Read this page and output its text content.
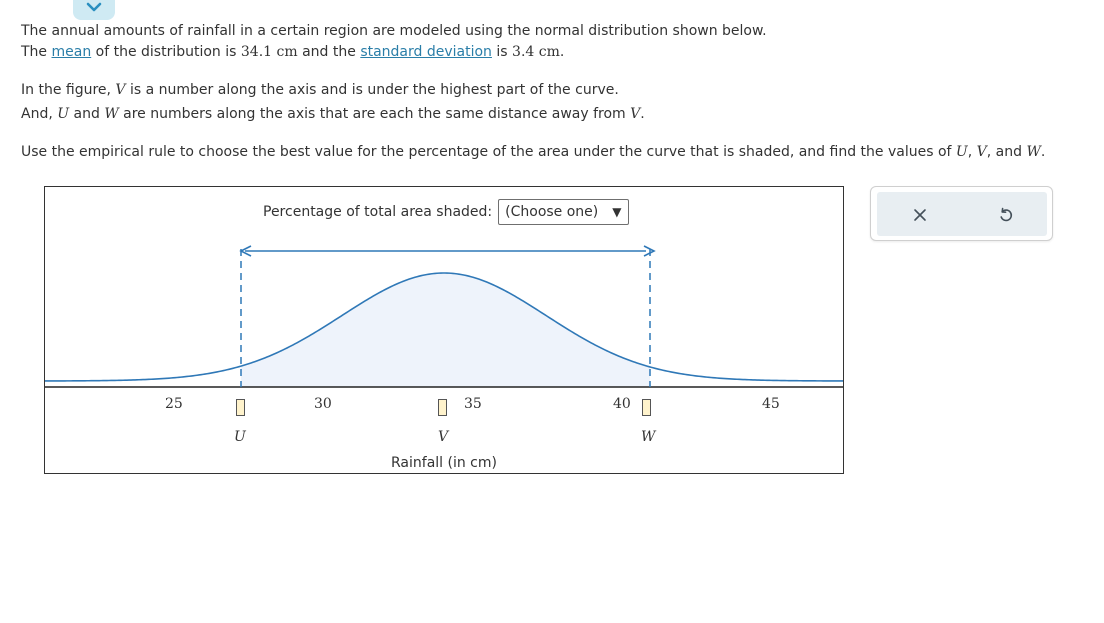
The annual amounts of rainfall in a certain region are modeled using the normal distribution shown below.

The mean of the distribution is 34.1 cm and the standard deviation is 3.4 cm.

In the figure, V is a number along the axis and is under the highest part of the curve.

And, U and W are numbers along the axis that are each the same distance away from V.

Use the empirical rule to choose the best value for the percentage of the area under the curve that is shaded, and find the values of U, V, and W.

Percentage of total area shaded: (Choose one) ▼
25	30	35	40	45
U	V	W
Rainfall (in cm)
